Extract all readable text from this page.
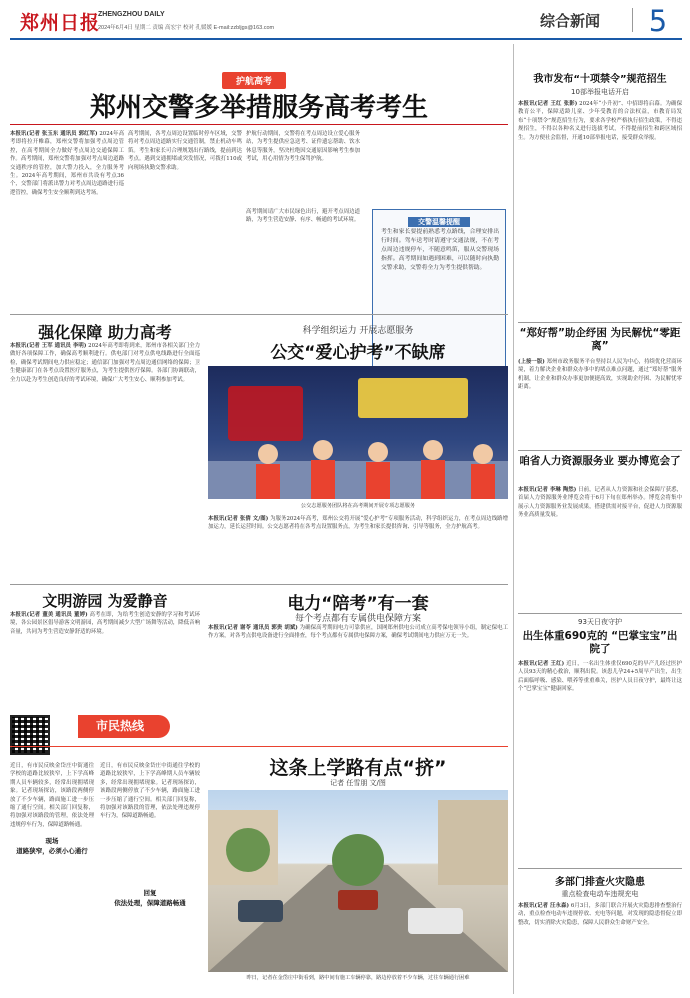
郑州日报
ZHENGZHOU DAILY
2024年6月4日 星期二 责编 高宏宇 校对 孔媛媛 E-mail:zzbljgs@163.com	综合新闻	5
护航高考
郑州交警多举措服务高考考生
本报讯(记者 张玉东 通讯员 郭红军) 2024年高考即将拉开帷幕，郑州交警将加强考点周边管控，在高考期间全力做好考点周边交通保障工作。高考期间，郑州交警将加强对考点周边道路交通秩序的管控，加大警力投入，全力服务考生。2024年高考期间，郑州市共设有考点36个，交警部门将派出警力对考点周边道路进行巡逻管控，确保考生安全顺利到达考场。
高考期间，各考点周边设置临时停车区域，交警将对考点周边道路实行交通管制，禁止机动车鸣笛。考生和家长可合理规划出行路线，提前到达考点。遇到交通拥堵或突发情况，可拨打110或向现场执勤交警求助。
护航行动期间，交警将在考点周边设立爱心服务站，为考生提供应急送考、证件遗忘帮助、饮水休息等服务，坚决杜绝因交通原因影响考生参加考试，用心用情为考生保驾护航。
高考期间请广大市民绿色出行，避开考点周边道路，为考生营造安静、有序、畅通的考试环境。	交警温馨提醒
考生和家长要提前熟悉考点路线，合理安排出行时间。驾车送考时请遵守交通法规，不在考点周边违规停车，不随意鸣笛，服从交警现场指挥。高考期间如遇到困难，可以随时向执勤交警求助，交警将全力为考生提供帮助。
强化保障 助力高考
本报讯(记者 王军 通讯员 李明) 2024年高考即将到来，郑州市各相关部门全力做好各项保障工作，确保高考顺利进行。供电部门对考点供电线路进行全面巡检，确保考试期间电力供应稳定；通信部门加强对考点周边通信网络的保障；卫生健康部门在各考点设置医疗服务点，为考生提供医疗保障。各部门协调联动，全力以赴为考生创造良好的考试环境，确保广大考生安心、顺利参加考试。
科学组织运力 开展志愿服务
公交“爱心护考”不缺席
公交志愿服务团队将在高考期间开展专项志愿服务
本报讯(记者 张倩 文/图) 为服务2024年高考，郑州公交将开展“爱心护考”专项服务活动，科学组织运力，在考点周边线路增加运力，延长运营时间。公交志愿者将在各考点设置服务点，为考生和家长提供咨询、引导等服务，全力护航高考。
文明游园 为爱静音
本报讯(记者 董美 通讯员 董婷) 高考在即，为给考生创造安静的学习和考试环境，各公园景区倡导游客文明游园，高考期间减少大型广场舞等活动，降低音响音量，共同为考生营造安静舒适的环境。
电力“陪考”有一套
每个考点都有专属供电保障方案
本报讯(记者 谢苓 通讯员 郭贵 胡斌) 为确保高考期间电力可靠供应，国网郑州供电公司成立高考保电领导小组，制定保电工作方案，对各考点供电设备进行全面排查，每个考点都有专属供电保障方案，确保考试期间电力供应万无一失。
市民热线
这条上学路有点“挤”
记者 任雪朋 文/图
近日，有市民反映金岱庄中街通往学校的道路比较狭窄，上下学高峰期人员车辆较多，经常出现拥堵现象。记者现场探访，该路段两侧停放了不少车辆，路面施工进一步压缩了通行空间。相关部门回复称，将加强对该路段的管理，依法处理违规停车行为，保障道路畅通。
现场
道路狭窄，必须小心通行
近日，有市民反映金岱庄中街通往学校的道路比较狭窄，上下学高峰期人员车辆较多，经常出现拥堵现象。记者现场探访，该路段两侧停放了不少车辆，路面施工进一步压缩了通行空间。相关部门回复称，将加强对该路段的管理，依法处理违规停车行为，保障道路畅通。
回复
依法处理，保障道路畅通
昨日，记者在金岱庄中街看到，路中间有施工车辆停靠，路边停放着不少车辆，过往车辆通行困难
我市发布“十项禁令”规范招生
10部举报电话开启
本报讯(记者 王红 张影) 2024年“小升初”、中招即将启幕。为确保教育公平，保障适龄儿童、少年受教育的合法权益，市教育局发布“十项禁令”规范招生行为，要求各学校严格执行招生政策，不得违规招生，不得以各种名义进行选拔考试，不得提前招生和跨区域招生。为方便社会监督，开通10部举报电话，接受群众举报。
“郑好帮”助企纾困 为民解忧“零距离”
(上接一版) 郑州市政务服务平台坚持以人民为中心，持续优化营商环境，着力解决企业和群众办事中的堵点难点问题，通过“郑好帮”服务机制，让企业和群众办事更加便捷高效，实现助企纾困、为民解忧零距离。
咱省人力资源服务业 要办博览会了
本报讯(记者 李琳 陶然) 日前，记者从人力资源和社会保障厅获悉，首届人力资源服务业博览会将于6月下旬在郑州举办。博览会将集中展示人力资源服务业发展成果，搭建供需对接平台，促进人力资源服务业高质量发展。
93天日夜守护
出生体重690克的 “巴掌宝宝”出院了
本报讯(记者 王红) 近日，一名出生体重仅690克的早产儿经过医护人员93天的精心救治，顺利出院。该患儿孕24+5周早产出生，出生后面临呼吸、感染、喂养等重重难关，医护人员日夜守护，最终让这个“巴掌宝宝”健康回家。
多部门排查火灾隐患
重点检查电动车违规充电
本报讯(记者 汪永森) 6月3日，多部门联合开展火灾隐患排查整治行动，重点检查电动车违规停放、充电等问题，对发现的隐患督促立即整改，切实消除火灾隐患，保障人民群众生命财产安全。
